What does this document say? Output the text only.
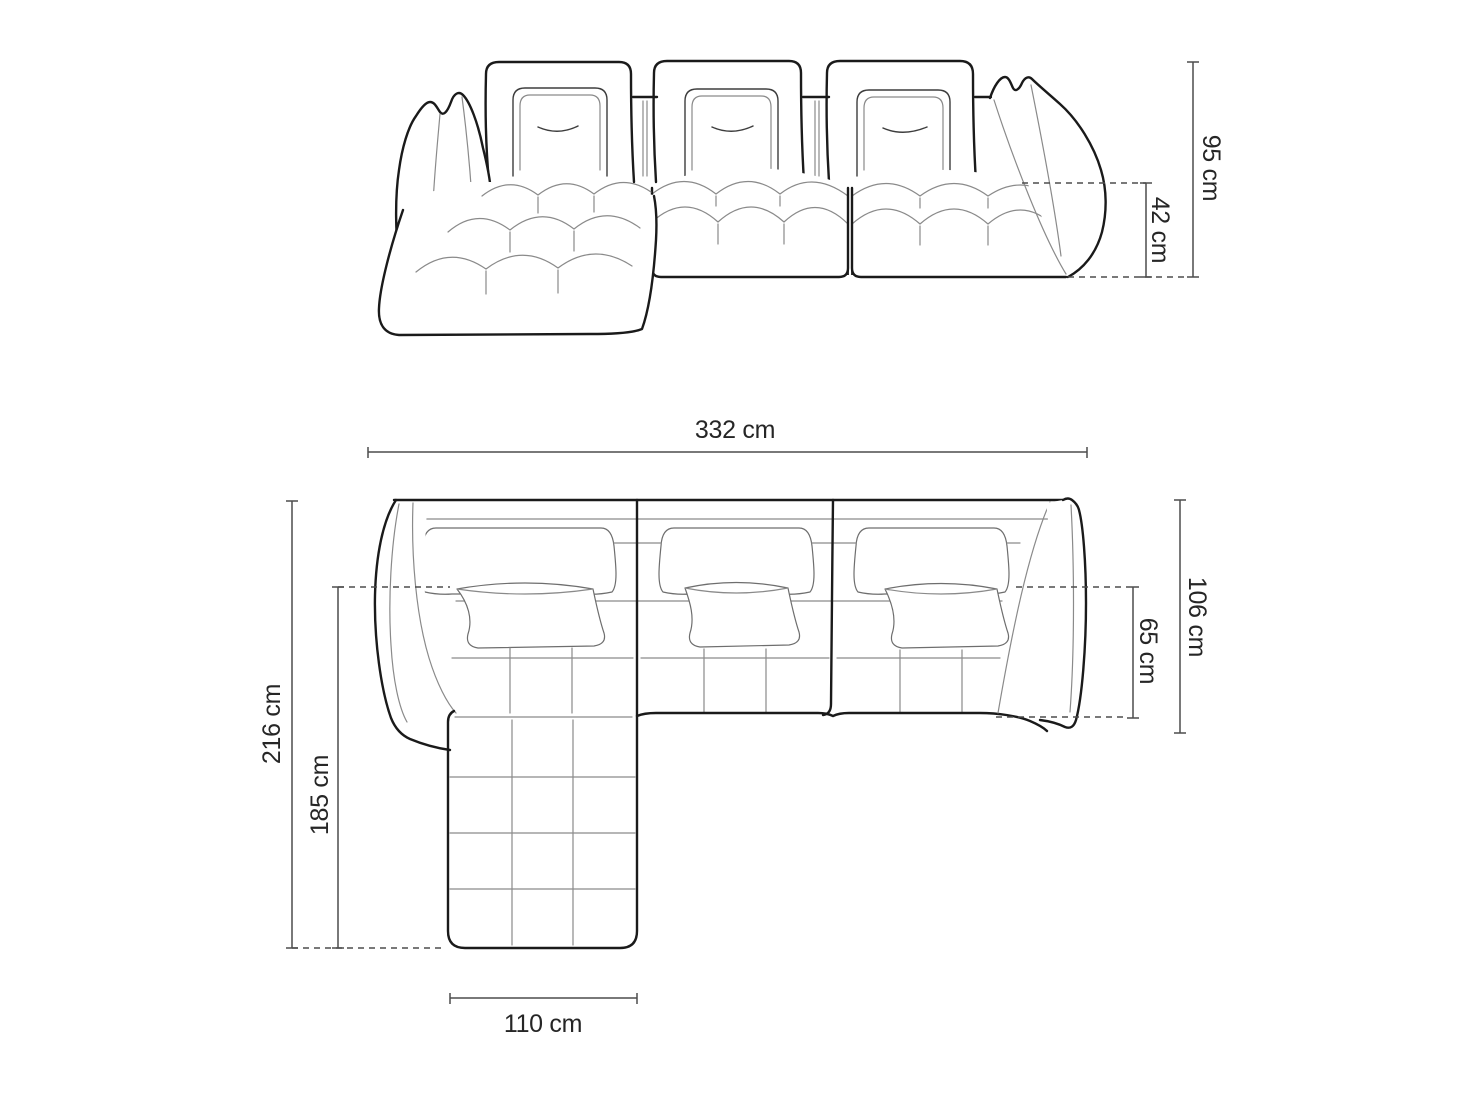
42 cm
95 cm
332 cm
216 cm
185 cm
110 cm
65 cm 106 cm
